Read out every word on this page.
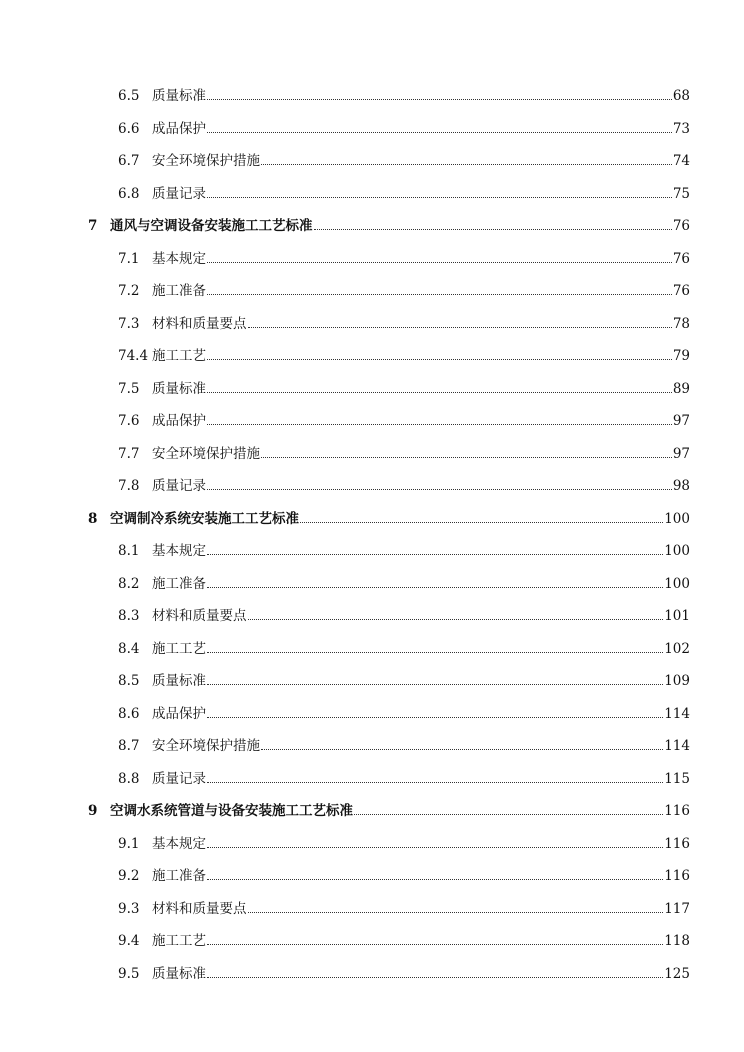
6.5 质量标准	68
6.6 成品保护	73
6.7 安全环境保护措施	74
6.8 质量记录	75
7 通风与空调设备安装施工工艺标准	76
7.1 基本规定	76
7.2 施工准备	76
7.3 材料和质量要点	78
74.4 施工工艺	79
7.5 质量标准	89
7.6 成品保护	97
7.7 安全环境保护措施	97
7.8 质量记录	98
8 空调制冷系统安装施工工艺标准	100
8.1 基本规定	100
8.2 施工准备	100
8.3 材料和质量要点	101
8.4 施工工艺	102
8.5 质量标准	109
8.6 成品保护	114
8.7 安全环境保护措施	114
8.8 质量记录	115
9 空调水系统管道与设备安装施工工艺标准	116
9.1 基本规定	116
9.2 施工准备	116
9.3 材料和质量要点	117
9.4 施工工艺	118
9.5 质量标准	125
